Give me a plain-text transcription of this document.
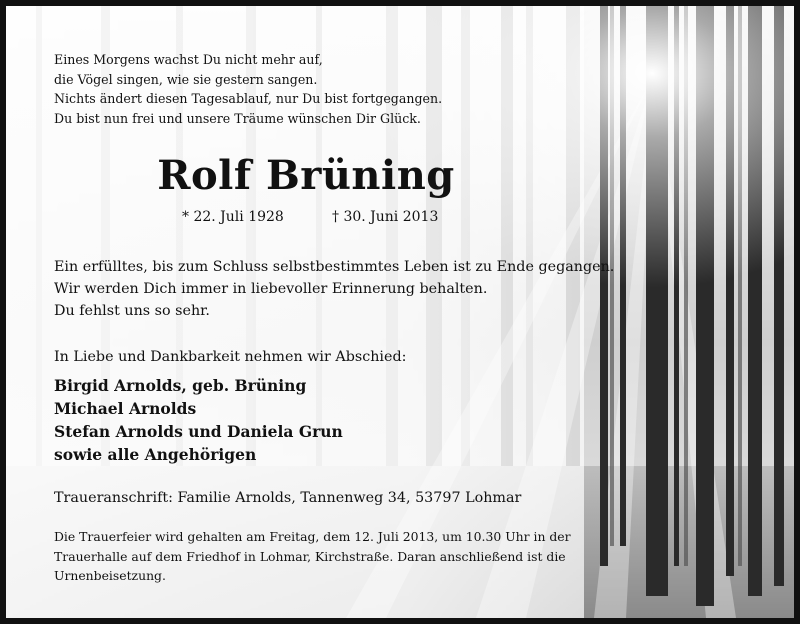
Eines Morgens wachst Du nicht mehr auf,
die Vögel singen, wie sie gestern sangen.
Nichts ändert diesen Tagesablauf, nur Du bist fortgegangen.
Du bist nun frei und unsere Träume wünschen Dir Glück.
Rolf Brüning
* 22. Juli 1928	† 30. Juni 2013
Ein erfülltes, bis zum Schluss selbstbestimmtes Leben ist zu Ende gegangen.
Wir werden Dich immer in liebevoller Erinnerung behalten.
Du fehlst uns so sehr.
In Liebe und Dankbarkeit nehmen wir Abschied:
Birgid Arnolds, geb. Brüning
Michael Arnolds
Stefan Arnolds und Daniela Grun
sowie alle Angehörigen
Traueranschrift: Familie Arnolds, Tannenweg 34, 53797 Lohmar
Die Trauerfeier wird gehalten am Freitag, dem 12. Juli 2013, um 10.30 Uhr in der
Trauerhalle auf dem Friedhof in Lohmar, Kirchstraße. Daran anschließend ist die
Urnenbeisetzung.
